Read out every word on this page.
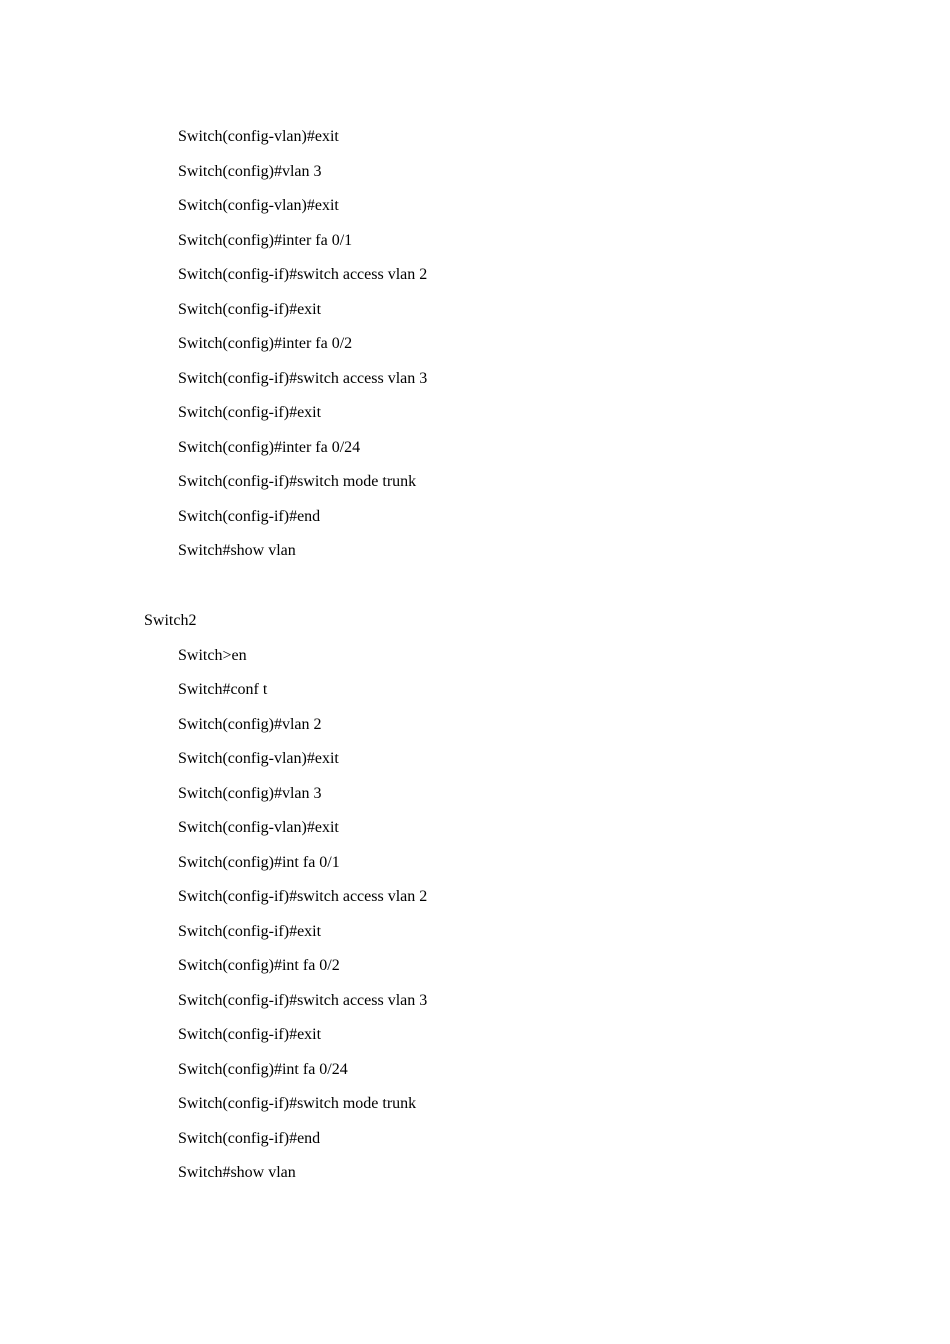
Switch(config-vlan)#exit
Switch(config)#vlan 3
Switch(config-vlan)#exit
Switch(config)#inter fa 0/1
Switch(config-if)#switch access vlan 2
Switch(config-if)#exit
Switch(config)#inter fa 0/2
Switch(config-if)#switch access vlan 3
Switch(config-if)#exit
Switch(config)#inter fa 0/24
Switch(config-if)#switch mode trunk
Switch(config-if)#end
Switch#show vlan
Switch2
Switch>en
Switch#conf t
Switch(config)#vlan 2
Switch(config-vlan)#exit
Switch(config)#vlan 3
Switch(config-vlan)#exit
Switch(config)#int fa 0/1
Switch(config-if)#switch access vlan 2
Switch(config-if)#exit
Switch(config)#int fa 0/2
Switch(config-if)#switch access vlan 3
Switch(config-if)#exit
Switch(config)#int fa 0/24
Switch(config-if)#switch mode trunk
Switch(config-if)#end
Switch#show vlan
